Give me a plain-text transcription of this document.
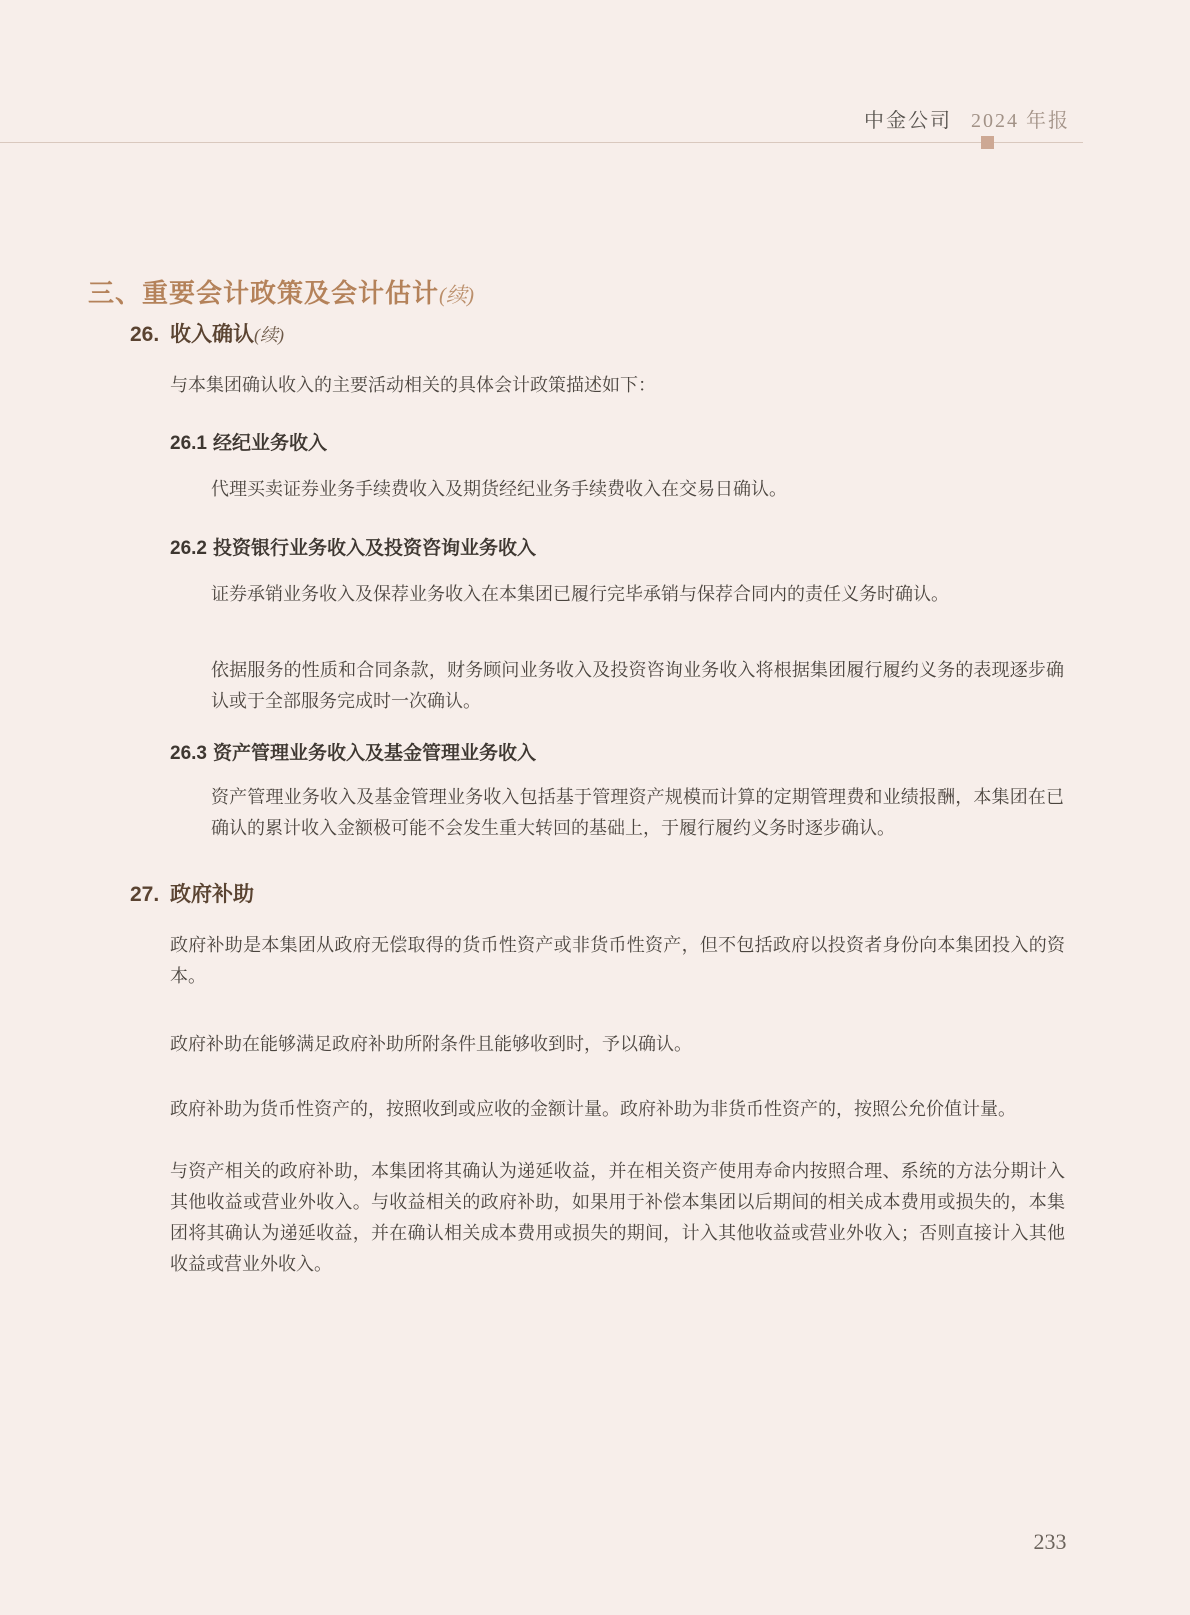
中金公司 2024 年报
三、重要会计政策及会计估计(续)
26. 收入确认(续)

与本集团确认收入的主要活动相关的具体会计政策描述如下：

26.1 经纪业务收入

代理买卖证券业务手续费收入及期货经纪业务手续费收入在交易日确认。

26.2 投资银行业务收入及投资咨询业务收入

证券承销业务收入及保荐业务收入在本集团已履行完毕承销与保荐合同内的责任义务时确认。

依据服务的性质和合同条款，财务顾问业务收入及投资咨询业务收入将根据集团履行履约义务的表现逐步确认或于全部服务完成时一次确认。

26.3 资产管理业务收入及基金管理业务收入

资产管理业务收入及基金管理业务收入包括基于管理资产规模而计算的定期管理费和业绩报酬，本集团在已确认的累计收入金额极可能不会发生重大转回的基础上，于履行履约义务时逐步确认。

27. 政府补助

政府补助是本集团从政府无偿取得的货币性资产或非货币性资产，但不包括政府以投资者身份向本集团投入的资本。

政府补助在能够满足政府补助所附条件且能够收到时，予以确认。

政府补助为货币性资产的，按照收到或应收的金额计量。政府补助为非货币性资产的，按照公允价值计量。

与资产相关的政府补助，本集团将其确认为递延收益，并在相关资产使用寿命内按照合理、系统的方法分期计入其他收益或营业外收入。与收益相关的政府补助，如果用于补偿本集团以后期间的相关成本费用或损失的，本集团将其确认为递延收益，并在确认相关成本费用或损失的期间，计入其他收益或营业外收入；否则直接计入其他收益或营业外收入。

233
